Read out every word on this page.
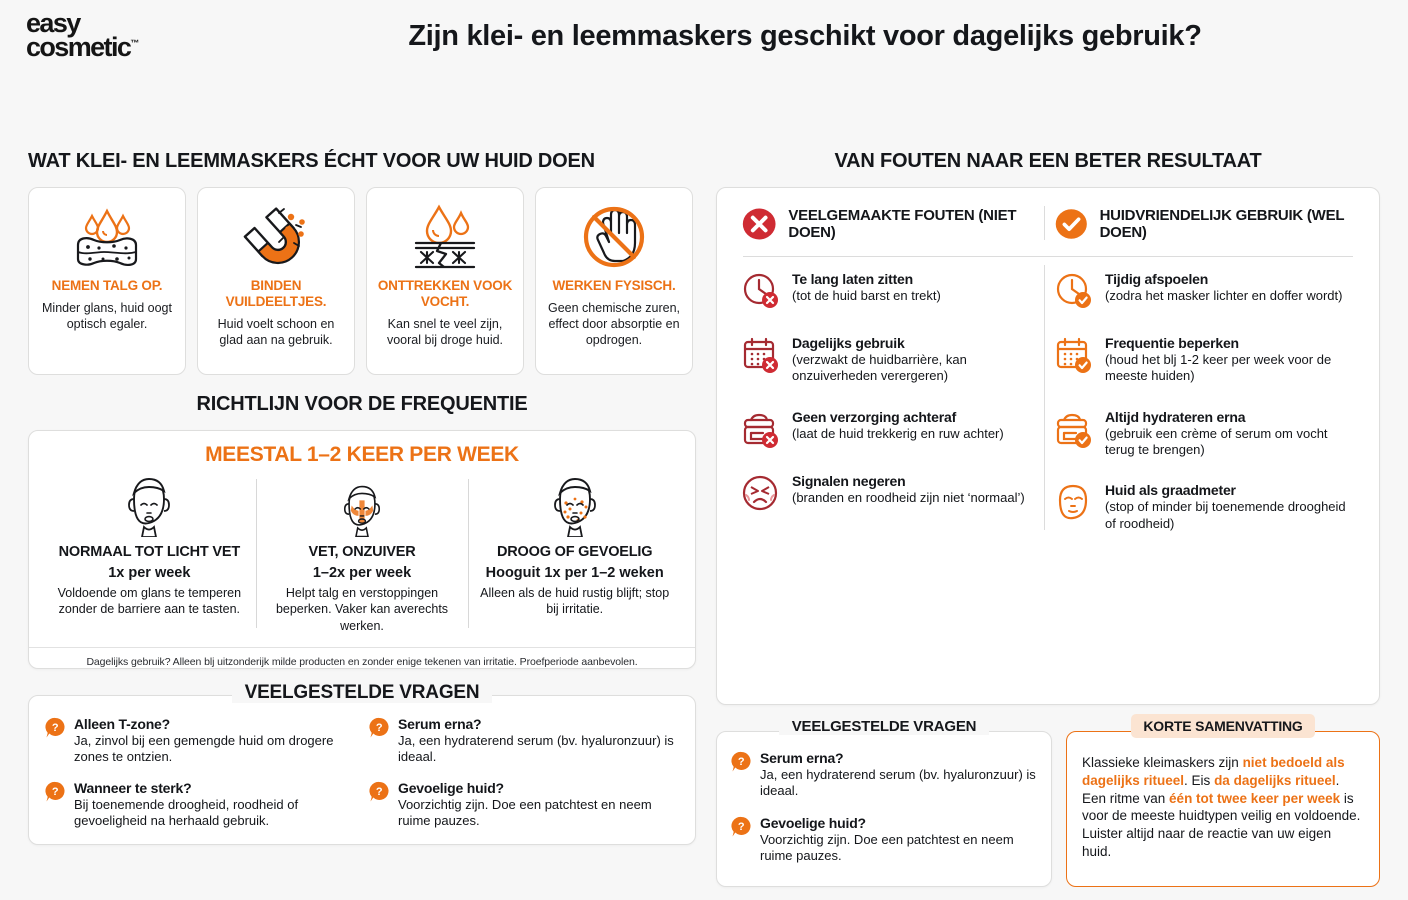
easy
cosmetic™	Zijn klei- en leemmaskers geschikt voor dagelijks gebruik?
WAT KLEI- EN LEEMMASKERS ÉCHT VOOR UW HUID DOEN
NEMEN TALG OP.
Minder glans, huid oogt optisch egaler.
BINDEN VUILDEELTJES.
Huid voelt schoon en glad aan na gebruik.
ONTTREKKEN VOOK VOCHT.
Kan snel te veel zijn, vooral bij droge huid.
WERKEN FYSISCH.
Geen chemische zuren, effect door absorptie en opdrogen.
RICHTLIJN VOOR DE FREQUENTIE
MEESTAL 1–2 KEER PER WEEK
NORMAAL TOT LICHT VET
1x per week
Voldoende om glans te temperen zonder de barriere aan te tasten.
VET, ONZUIVER
1–2x per week
Helpt talg en verstoppingen beperken. Vaker kan averechts werken.
DROOG OF GEVOELIG
Hooguit 1x per 1–2 weken
Alleen als de huid rustig blijft; stop bij irritatie.
Dagelijks gebruik? Alleen blj uitzonderijk milde producten en zonder enige tekenen van irritatie. Proefperiode aanbevolen.
VEELGESTELDE VRAGEN
? Alleen T-zone?
Ja, zinvol bij een gemengde huid om drogere zones te ontzien.
? Wanneer te sterk?
Bij toenemende droogheid, roodheid of gevoeligheid na herhaald gebruik.
? Serum erna?
Ja, een hydraterend serum (bv. hyaluronzuur) is ideaal.
? Gevoelige huid?
Voorzichtig zijn. Doe een patchtest en neem ruime pauzes.
VAN FOUTEN NAAR EEN BETER RESULTAAT
VEELGEMAAKTE FOUTEN (NIET DOEN)
HUIDVRIENDELIJK GEBRUIK (WEL DOEN)
Te lang laten zitten
(tot de huid barst en trekt)
Dagelijks gebruik
(verzwakt de huidbarrière, kan onzuiverheden verergeren)
Geen verzorging achteraf
(laat de huid trekkerig en ruw achter)
Signalen negeren
(branden en roodheid zijn niet ‘normaal’)
Tijdig afspoelen
(zodra het masker lichter en doffer wordt)
Frequentie beperken
(houd het blj 1-2 keer per week voor de meeste huiden)
Altijd hydrateren erna
(gebruik een crème of serum om vocht terug te brengen)
Huid als graadmeter
(stop of minder bij toenemende droogheid of roodheid)
VEELGESTELDE VRAGEN
? Serum erna?
Ja, een hydraterend serum (bv. hyaluronzuur) is ideaal.
? Gevoelige huid?
Voorzichtig zijn. Doe een patchtest en neem ruime pauzes.
KORTE SAMENVATTING
Klassieke kleimaskers zijn niet bedoeld als dagelijks ritueel. Eis da dagelijks ritueel. Een ritme van één tot twee keer per week is voor de meeste huidtypen veilig en voldoende. Luister altijd naar de reactie van uw eigen huid.
